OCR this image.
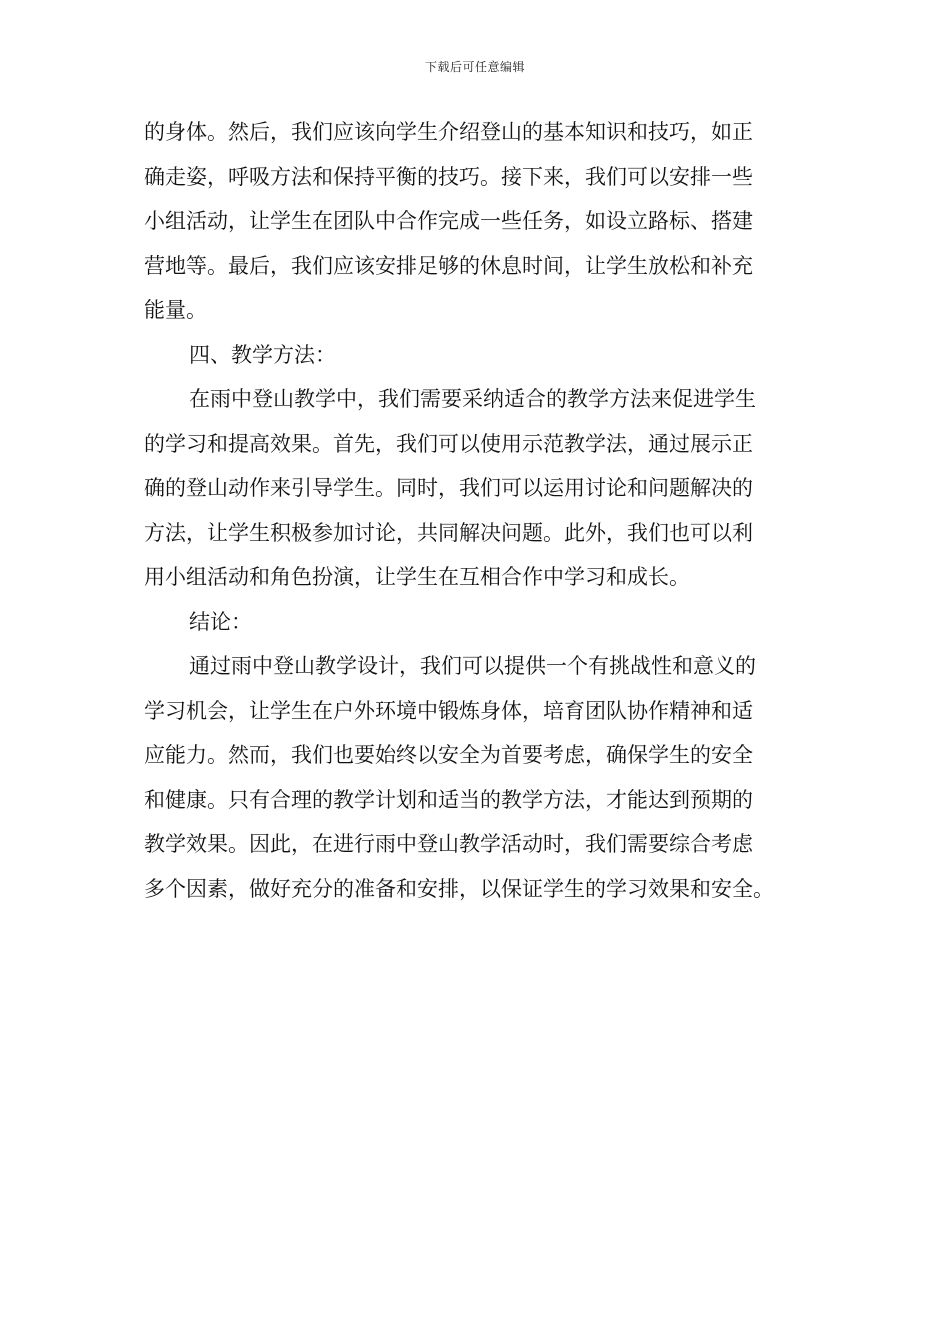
下载后可任意编辑
的身体。然后，我们应该向学生介绍登山的基本知识和技巧，如正
确走姿，呼吸方法和保持平衡的技巧。接下来，我们可以安排一些
小组活动，让学生在团队中合作完成一些任务，如设立路标、搭建
营地等。最后，我们应该安排足够的休息时间，让学生放松和补充
能量。
四、教学方法：
在雨中登山教学中，我们需要采纳适合的教学方法来促进学生
的学习和提高效果。首先，我们可以使用示范教学法，通过展示正
确的登山动作来引导学生。同时，我们可以运用讨论和问题解决的
方法，让学生积极参加讨论，共同解决问题。此外，我们也可以利
用小组活动和角色扮演，让学生在互相合作中学习和成长。
结论：
通过雨中登山教学设计，我们可以提供一个有挑战性和意义的
学习机会，让学生在户外环境中锻炼身体，培育团队协作精神和适
应能力。然而，我们也要始终以安全为首要考虑，确保学生的安全
和健康。只有合理的教学计划和适当的教学方法，才能达到预期的
教学效果。因此，在进行雨中登山教学活动时，我们需要综合考虑
多个因素，做好充分的准备和安排，以保证学生的学习效果和安全。
